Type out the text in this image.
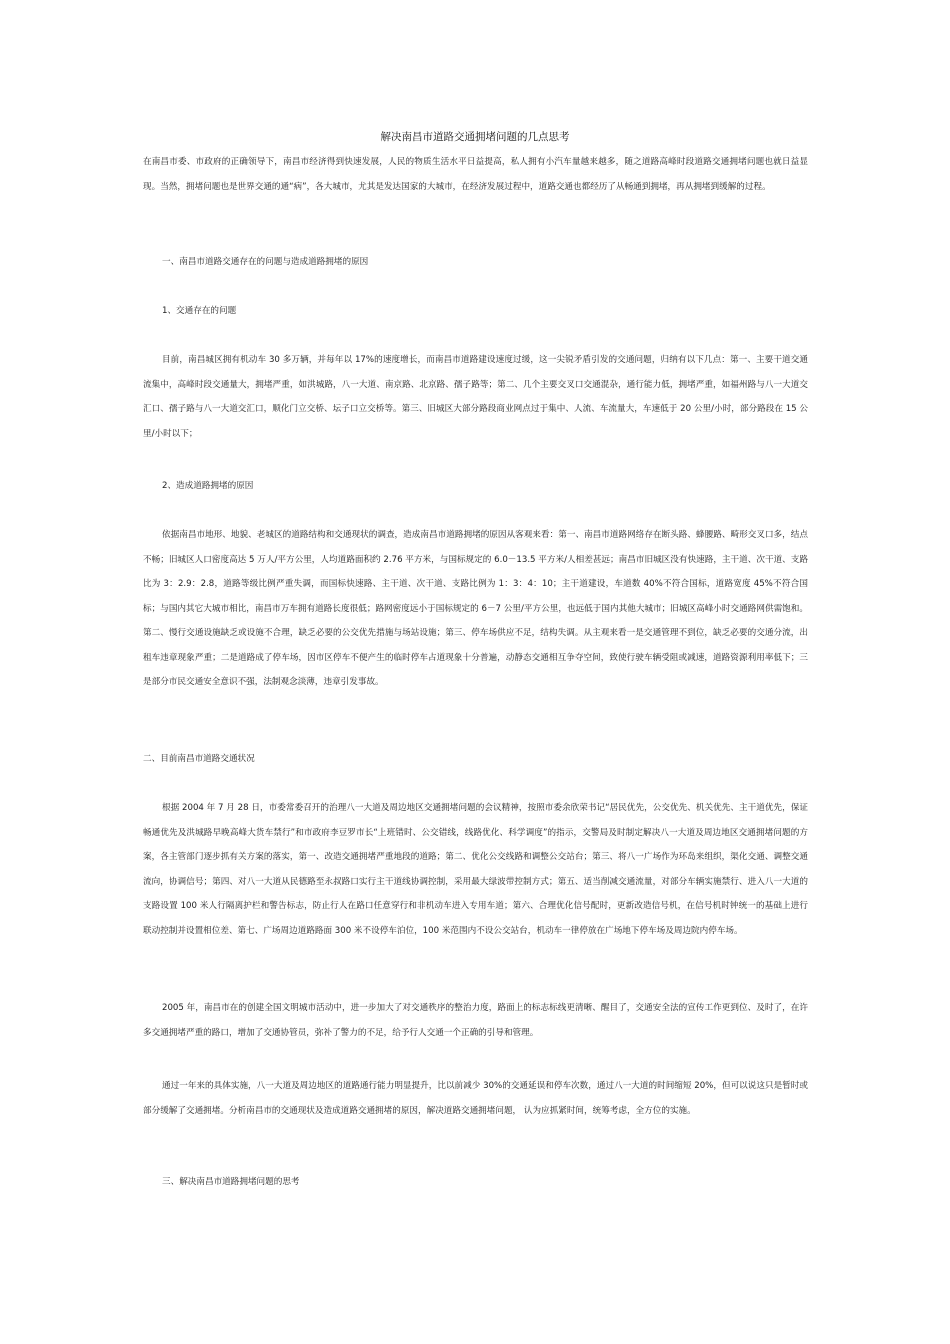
解决南昌市道路交通拥堵问题的几点思考

在南昌市委、市政府的正确领导下，南昌市经济得到快速发展，人民的物质生活水平日益提高，私人拥有小汽车量越来越多，随之道路高峰时段道路交通拥堵问题也就日益显现。当然，拥堵问题也是世界交通的通“病”，各大城市，尤其是发达国家的大城市，在经济发展过程中，道路交通也都经历了从畅通到拥堵，再从拥堵到缓解的过程。

一、南昌市道路交通存在的问题与造成道路拥堵的原因
1、交通存在的问题

目前，南昌城区拥有机动车 30 多万辆，并每年以 17%的速度增长，而南昌市道路建设速度过缓，这一尖锐矛盾引发的交通问题，归纳有以下几点：第一、主要干道交通流集中，高峰时段交通量大，拥堵严重，如洪城路，八一大道、南京路、北京路、孺子路等；第二、几个主要交叉口交通混杂，通行能力低，拥堵严重，如福州路与八一大道交汇口、孺子路与八一大道交汇口，顺化门立交桥、坛子口立交桥等。第三、旧城区大部分路段商业网点过于集中、人流、车流量大，车速低于 20 公里/小时，部分路段在 15 公里/小时以下；

2、造成道路拥堵的原因

依据南昌市地形、地貌、老城区的道路结构和交通现状的调查，造成南昌市道路拥堵的原因从客观来看：第一、南昌市道路网络存在断头路、蜂腰路、畸形交叉口多，结点不畅；旧城区人口密度高达 5 万人/平方公里，人均道路面积约 2.76 平方米，与国标规定的 6.0－13.5 平方米/人相差甚远；南昌市旧城区没有快速路，主干道、次干道、支路比为 3：2.9：2.8，道路等级比例严重失调，而国标快速路、主干道、次干道、支路比例为 1：3：4：10；主干道建设，车道数 40%不符合国标，道路宽度 45%不符合国标；与国内其它大城市相比，南昌市万车拥有道路长度很低；路网密度远小于国标规定的 6－7 公里/平方公里，也远低于国内其他大城市；旧城区高峰小时交通路网供需饱和。第二、慢行交通设施缺乏或设施不合理，缺乏必要的公交优先措施与场站设施；第三、停车场供应不足，结构失调。从主观来看一是交通管理不到位，缺乏必要的交通分流，出租车违章现象严重；二是道路成了停车场，因市区停车不便产生的临时停车占道现象十分普遍，动静态交通相互争夺空间，致使行驶车辆受阻或减速，道路资源利用率低下；三是部分市民交通安全意识不强，法制观念淡薄，违章引发事故。

二、目前南昌市道路交通状况

根据 2004 年 7 月 28 日，市委常委召开的治理八一大道及周边地区交通拥堵问题的会议精神，按照市委余欣荣书记“居民优先，公交优先、机关优先、主干道优先，保证畅通优先及洪城路早晚高峰大货车禁行”和市政府李豆罗市长“上班错时、公交错线，线路优化、科学调度”的指示，交警局及时制定解决八一大道及周边地区交通拥堵问题的方案，各主管部门逐步抓有关方案的落实，第一、改造交通拥堵严重地段的道路；第二、优化公交线路和调整公交站台；第三、将八一广场作为环岛来组织，渠化交通、调整交通流向，协调信号；第四、对八一大道从民德路至永叔路口实行主干道线协调控制，采用最大绿波带控制方式；第五、适当削减交通流量，对部分车辆实施禁行、进入八一大道的支路设置 100 米人行隔离护栏和警告标志，防止行人在路口任意穿行和非机动车进入专用车道；第六、合理优化信号配时，更新改造信号机，在信号机时钟统一的基础上进行联动控制并设置相位差、第七、广场周边道路路面 300 米不设停车泊位，100 米范围内不设公交站台，机动车一律停放在广场地下停车场及周边院内停车场。

2005 年，南昌市在的创建全国文明城市活动中，进一步加大了对交通秩序的整治力度，路面上的标志标线更清晰、醒目了，交通安全法的宣传工作更到位、及时了，在许多交通拥堵严重的路口，增加了交通协管员，弥补了警力的不足，给予行人交通一个正确的引导和管理。

通过一年来的具体实施，八一大道及周边地区的道路通行能力明显提升，比以前减少 30%的交通延误和停车次数，通过八一大道的时间缩短 20%，但可以说这只是暂时或部分缓解了交通拥堵。分析南昌市的交通现状及造成道路交通拥堵的原因，解决道路交通拥堵问题， 认为应抓紧时间，统筹考虑，全方位的实施。

三、解决南昌市道路拥堵问题的思考
